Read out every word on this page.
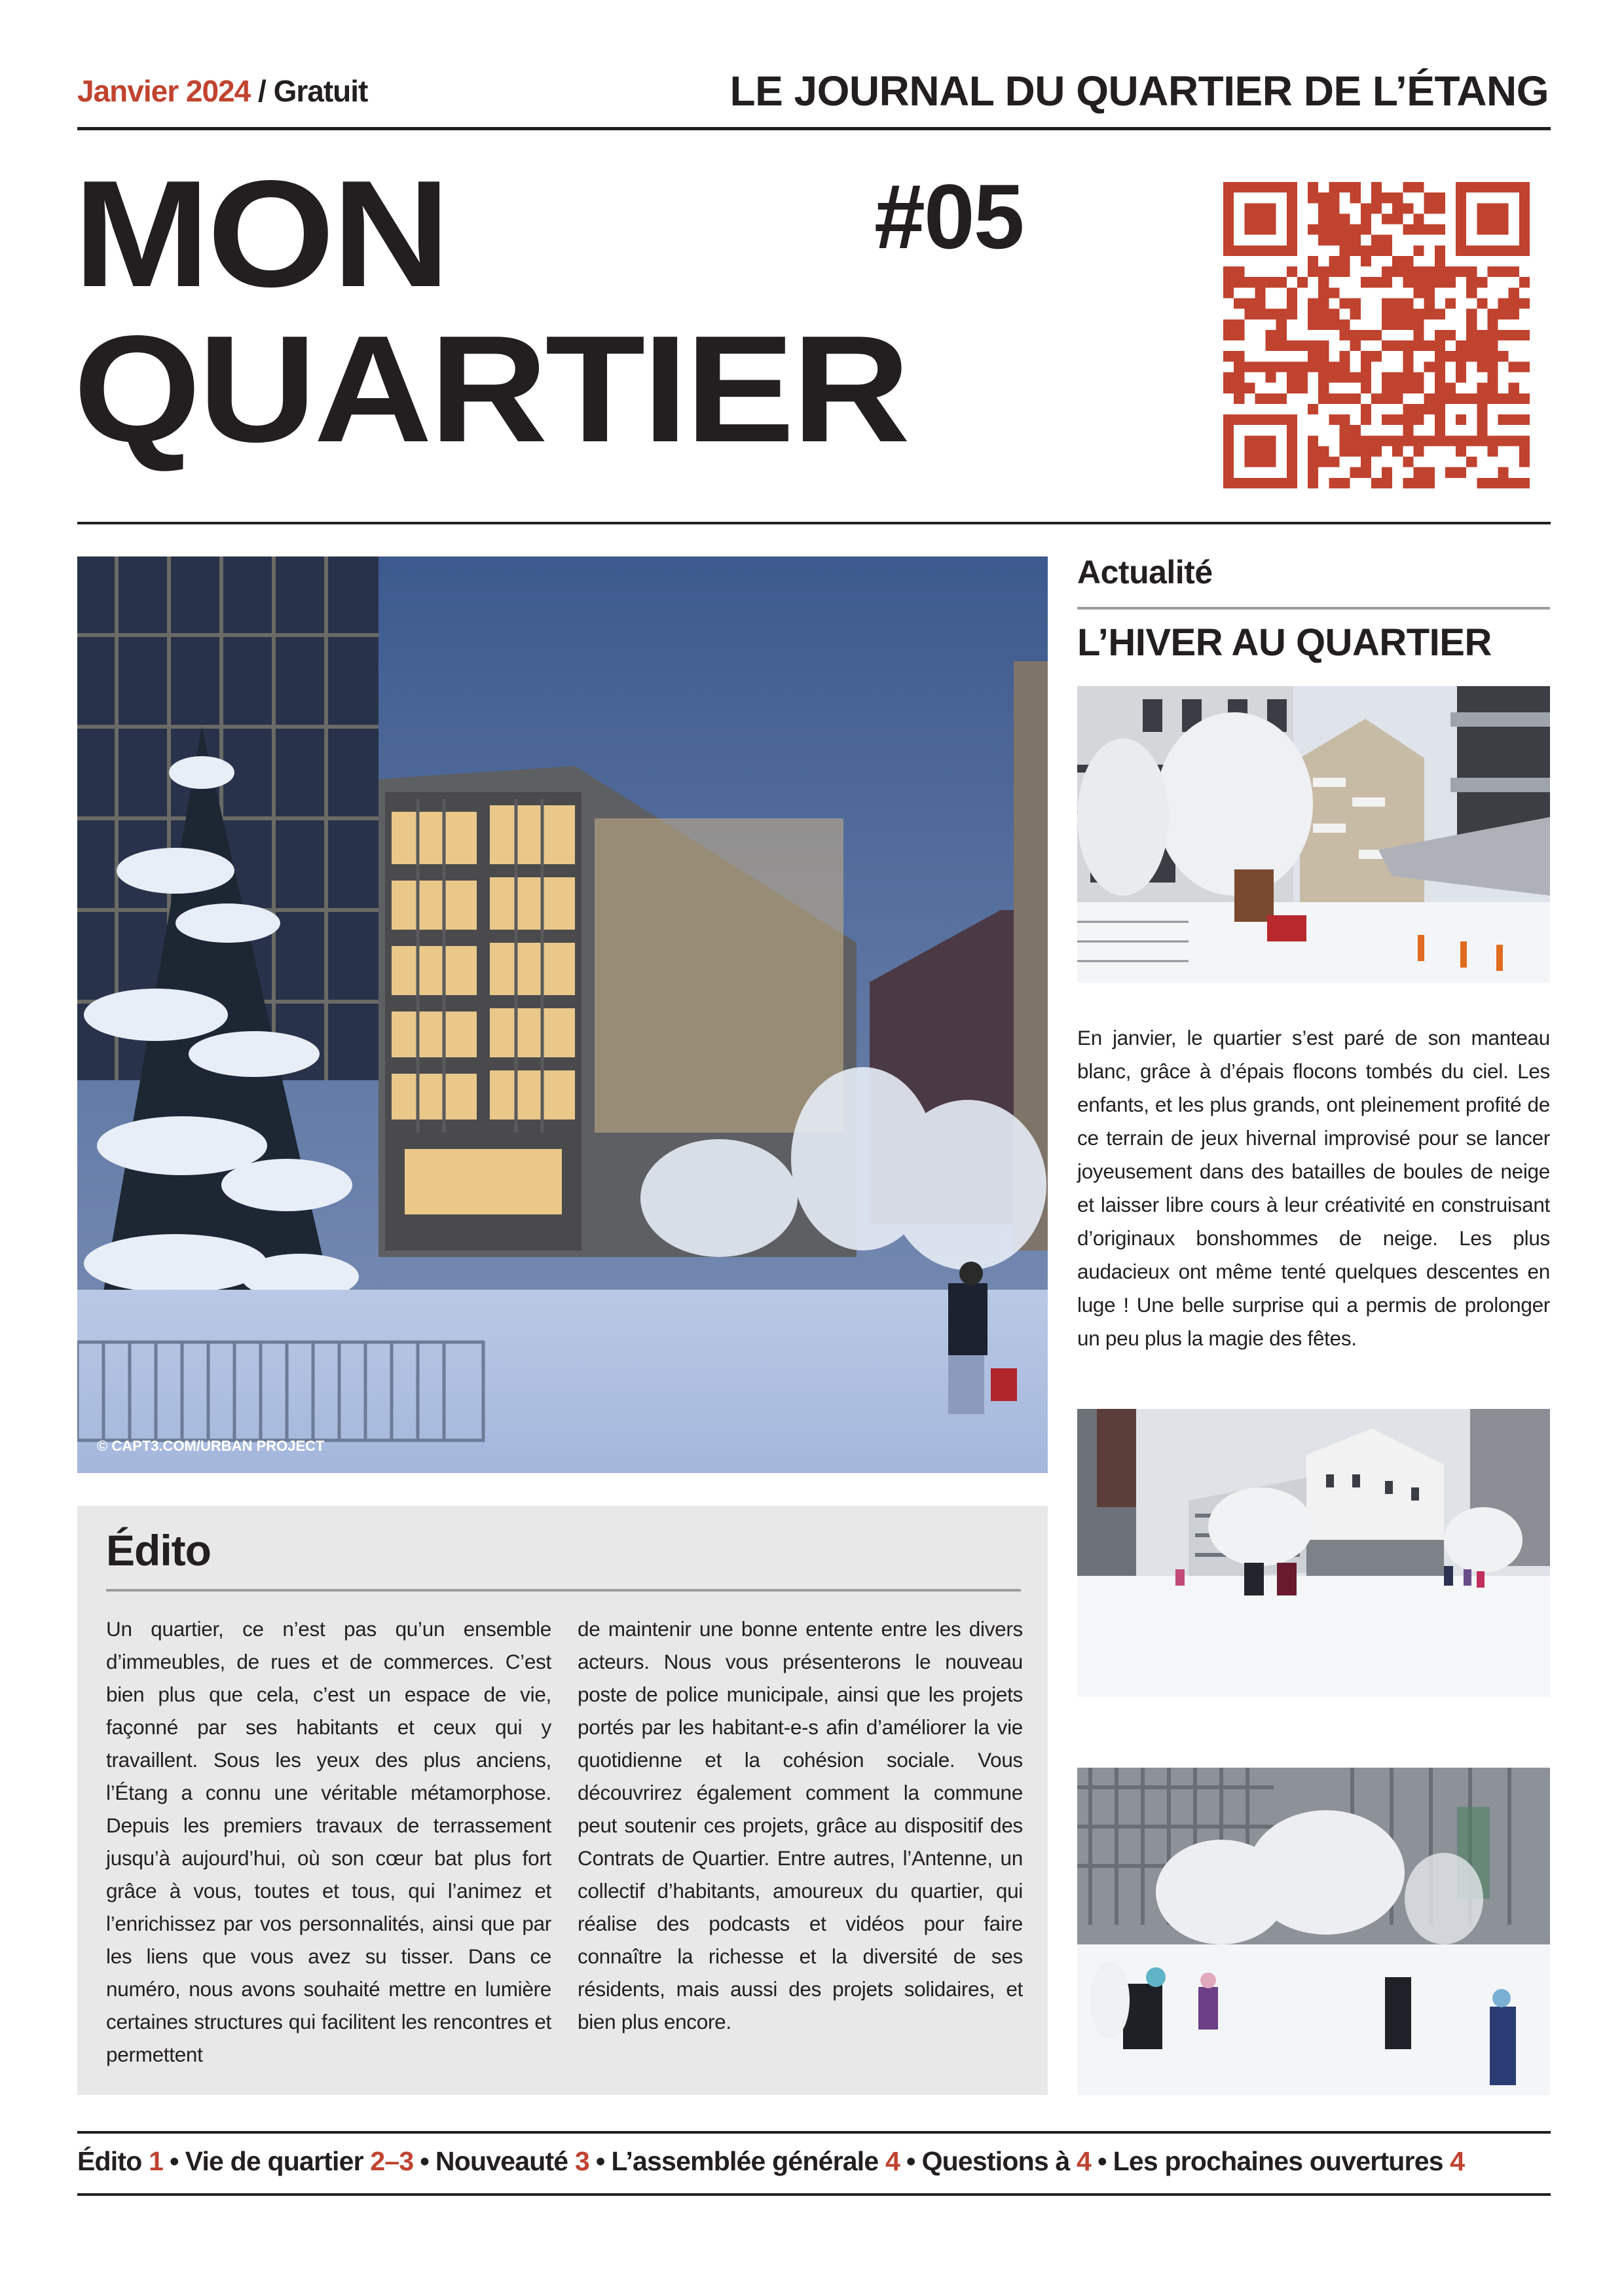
Janvier 2024 / Gratuit	LE JOURNAL DU QUARTIER DE L’ÉTANG
MON
QUARTIER
#05
© CAPT3.COM/URBAN PROJECT
Actualité
L’HIVER AU QUARTIER
En janvier, le quartier s’est paré de son manteau blanc, grâce à d’épais flocons tombés du ciel. Les enfants, et les plus grands, ont pleinement profité de ce terrain de jeux hivernal improvisé pour se lancer joyeusement dans des batailles de boules de neige et laisser libre cours à leur créativité en construisant d’originaux bonshommes de neige. Les plus audacieux ont même tenté quelques descentes en luge ! Une belle surprise qui a permis de prolonger un peu plus la magie des fêtes.
Édito
Un quartier, ce n’est pas qu’un ensemble d’immeubles, de rues et de commerces. C’est bien plus que cela, c’est un espace de vie, façonné par ses habitants et ceux qui y travaillent. Sous les yeux des plus anciens, l’Étang a connu une véritable métamorphose. Depuis les premiers travaux de terrassement jusqu’à aujourd’hui, où son cœur bat plus fort grâce à vous, toutes et tous, qui l’animez et l’enrichissez par vos personnalités, ainsi que par les liens que vous avez su tisser. Dans ce numéro, nous avons souhaité mettre en lumière certaines structures qui facilitent les rencontres et permettent
de maintenir une bonne entente entre les divers acteurs. Nous vous présenterons le nouveau poste de police municipale, ainsi que les projets portés par les habitant-e-s afin d’améliorer la vie quotidienne et la cohésion sociale. Vous découvrirez également comment la commune peut soutenir ces projets, grâce au dispositif des Contrats de Quartier. Entre autres, l’Antenne, un collectif d’habitants, amoureux du quartier, qui réalise des podcasts et vidéos pour faire connaître la richesse et la diversité de ses résidents, mais aussi des projets solidaires, et bien plus encore.
Édito 1 • Vie de quartier 2–3 • Nouveauté 3 • L’assemblée générale 4 • Questions à 4 • Les prochaines ouvertures 4
